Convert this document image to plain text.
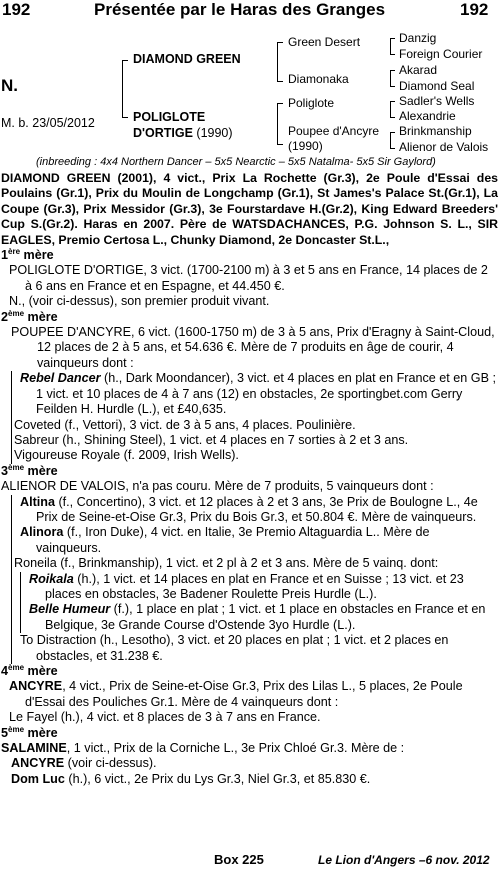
192	Présentée par le Haras des Granges	192
N.
M. b. 23/05/2012
DIAMOND GREEN
POLIGLOTE
D'ORTIGE (1990)
Green Desert
Diamonaka
Poliglote
Poupee d'Ancyre
(1990)
Danzig
Foreign Courier
Akarad
Diamond Seal
Sadler's Wells
Alexandrie
Brinkmanship
Alienor de Valois
(inbreeding : 4x4 Northern Dancer – 5x5 Nearctic – 5x5 Natalma- 5x5 Sir Gaylord)

DIAMOND GREEN (2001), 4 vict., Prix La Rochette (Gr.3), 2e Poule d'Essai des Poulains (Gr.1), Prix du Moulin de Longchamp (Gr.1), St James's Palace St.(Gr.1), La Coupe (Gr.3), Prix Messidor (Gr.3), 3e Fourstardave H.(Gr.2), King Edward Breeders' Cup S.(Gr.2). Haras en 2007. Père de WATSDACHANCES, P.G. Johnson S. L., SIR EAGLES, Premio Certosa L., Chunky Diamond, 2e Doncaster St.L.,

1ère mère

POLIGLOTE D'ORTIGE, 3 vict. (1700-2100 m) à 3 et 5 ans en France, 14 places de 2 à 6 ans en France et en Espagne, et 44.450 €.

N., (voir ci-dessus), son premier produit vivant.

2ème mère

POUPEE D'ANCYRE, 6 vict. (1600-1750 m) de 3 à 5 ans, Prix d'Eragny à Saint-Cloud, 12 places de 2 à 5 ans, et 54.636 €. Mère de 7 produits en âge de courir, 4 vainqueurs dont :

Rebel Dancer (h., Dark Moondancer), 3 vict. et 4 places en plat en France et en GB ; 1 vict. et 10 places de 4 à 7 ans (12) en obstacles, 2e sportingbet.com Gerry Feilden H. Hurdle (L.), et £40,635.

Coveted (f., Vettori), 3 vict. de 3 à 5 ans, 4 places. Poulinière.

Sabreur (h., Shining Steel), 1 vict. et 4 places en 7 sorties à 2 et 3 ans.

Vigoureuse Royale (f. 2009, Irish Wells).

3ème mère

ALIENOR DE VALOIS, n'a pas couru. Mère de 7 produits, 5 vainqueurs dont :

Altina (f., Concertino), 3 vict. et 12 places à 2 et 3 ans, 3e Prix de Boulogne L., 4e Prix de Seine-et-Oise Gr.3, Prix du Bois Gr.3, et 50.804 €. Mère de vainqueurs.

Alinora (f., Iron Duke), 4 vict. en Italie, 3e Premio Altaguardia L.. Mère de vainqueurs.

Roneila (f., Brinkmanship), 1 vict. et 2 pl à 2 et 3 ans. Mère de 5 vainq. dont:

Roikala (h.), 1 vict. et 14 places en plat en France et en Suisse ; 13 vict. et 23 places en obstacles, 3e Badener Roulette Preis Hurdle (L.).

Belle Humeur (f.), 1 place en plat ; 1 vict. et 1 place en obstacles en France et en Belgique, 3e Grande Course d'Ostende 3yo Hurdle (L.).

To Distraction (h., Lesotho), 3 vict. et 20 places en plat ; 1 vict. et 2 places en obstacles, et 31.238 €.

4ème mère

ANCYRE, 4 vict., Prix de Seine-et-Oise Gr.3, Prix des Lilas L., 5 places, 2e Poule d'Essai des Pouliches Gr.1. Mère de 4 vainqueurs dont :

Le Fayel (h.), 4 vict. et 8 places de 3 à 7 ans en France.

5ème mère

SALAMINE, 1 vict., Prix de la Corniche L., 3e Prix Chloé Gr.3. Mère de :

ANCYRE (voir ci-dessus).

Dom Luc (h.), 6 vict., 2e Prix du Lys Gr.3, Niel Gr.3, et 85.830 €.

Box 225	Le Lion d'Angers –6 nov. 2012
